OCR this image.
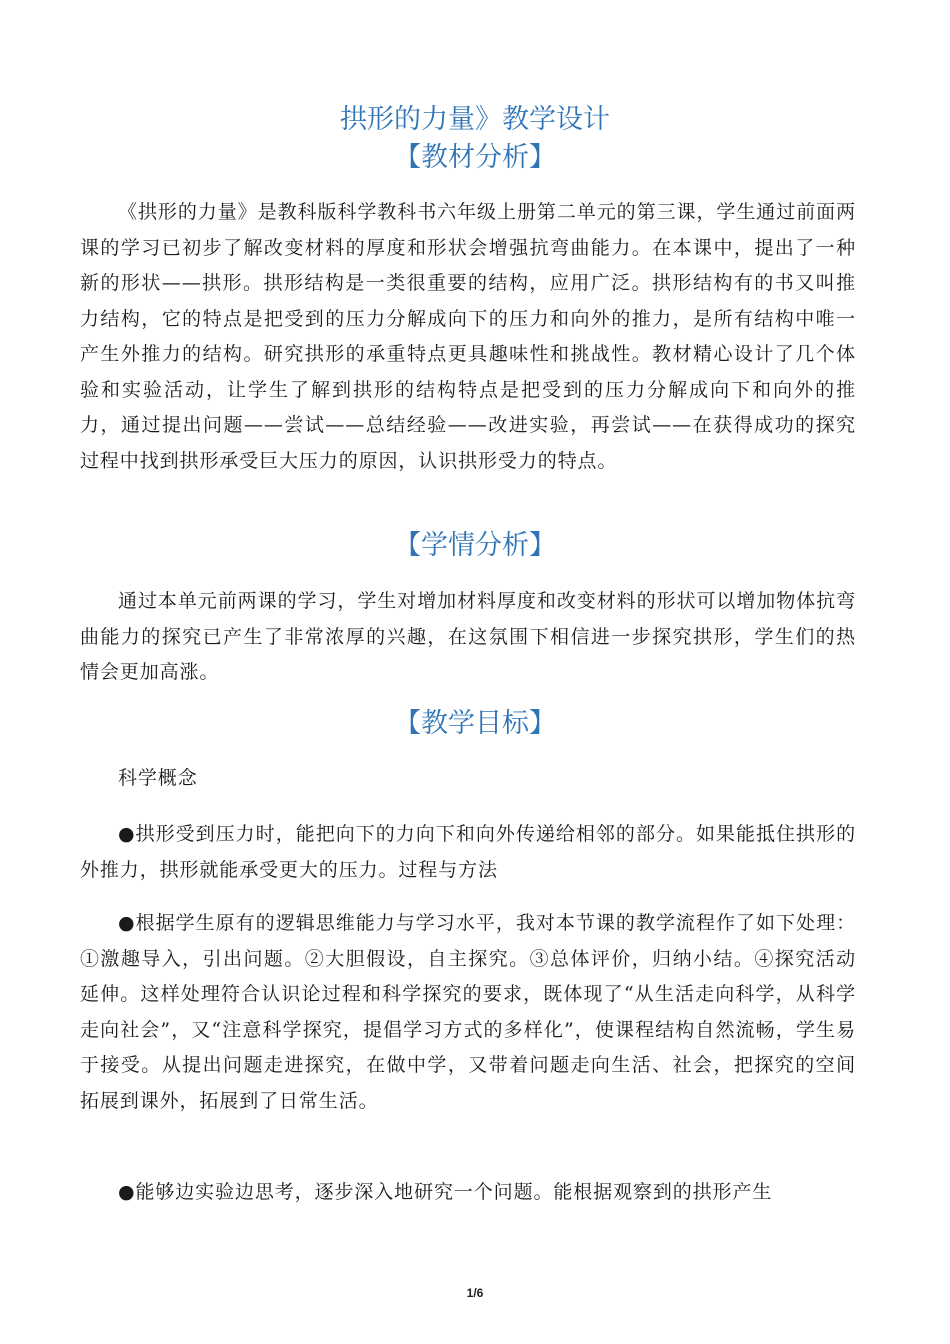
拱形的力量》教学设计
【教材分析】

《拱形的力量》是教科版科学教科书六年级上册第二单元的第三课，学生通过前面两课的学习已初步了解改变材料的厚度和形状会增强抗弯曲能力。在本课中，提出了一种新的形状——拱形。拱形结构是一类很重要的结构，应用广泛。拱形结构有的书又叫推力结构，它的特点是把受到的压力分解成向下的压力和向外的推力，是所有结构中唯一产生外推力的结构。研究拱形的承重特点更具趣味性和挑战性。教材精心设计了几个体验和实验活动，让学生了解到拱形的结构特点是把受到的压力分解成向下和向外的推力，通过提出问题——尝试——总结经验——改进实验，再尝试——在获得成功的探究过程中找到拱形承受巨大压力的原因，认识拱形受力的特点。

【学情分析】

通过本单元前两课的学习，学生对增加材料厚度和改变材料的形状可以增加物体抗弯曲能力的探究已产生了非常浓厚的兴趣，在这氛围下相信进一步探究拱形，学生们的热情会更加高涨。

【教学目标】

科学概念

●拱形受到压力时，能把向下的力向下和向外传递给相邻的部分。如果能抵住拱形的外推力，拱形就能承受更大的压力。过程与方法

●根据学生原有的逻辑思维能力与学习水平，我对本节课的教学流程作了如下处理：①激趣导入，引出问题。②大胆假设，自主探究。③总体评价，归纳小结。④探究活动延伸。这样处理符合认识论过程和科学探究的要求，既体现了“从生活走向科学，从科学走向社会”，又“注意科学探究，提倡学习方式的多样化”，使课程结构自然流畅，学生易于接受。从提出问题走进探究，在做中学，又带着问题走向生活、社会，把探究的空间拓展到课外，拓展到了日常生活。

●能够边实验边思考，逐步深入地研究一个问题。能根据观察到的拱形产生

1/6
